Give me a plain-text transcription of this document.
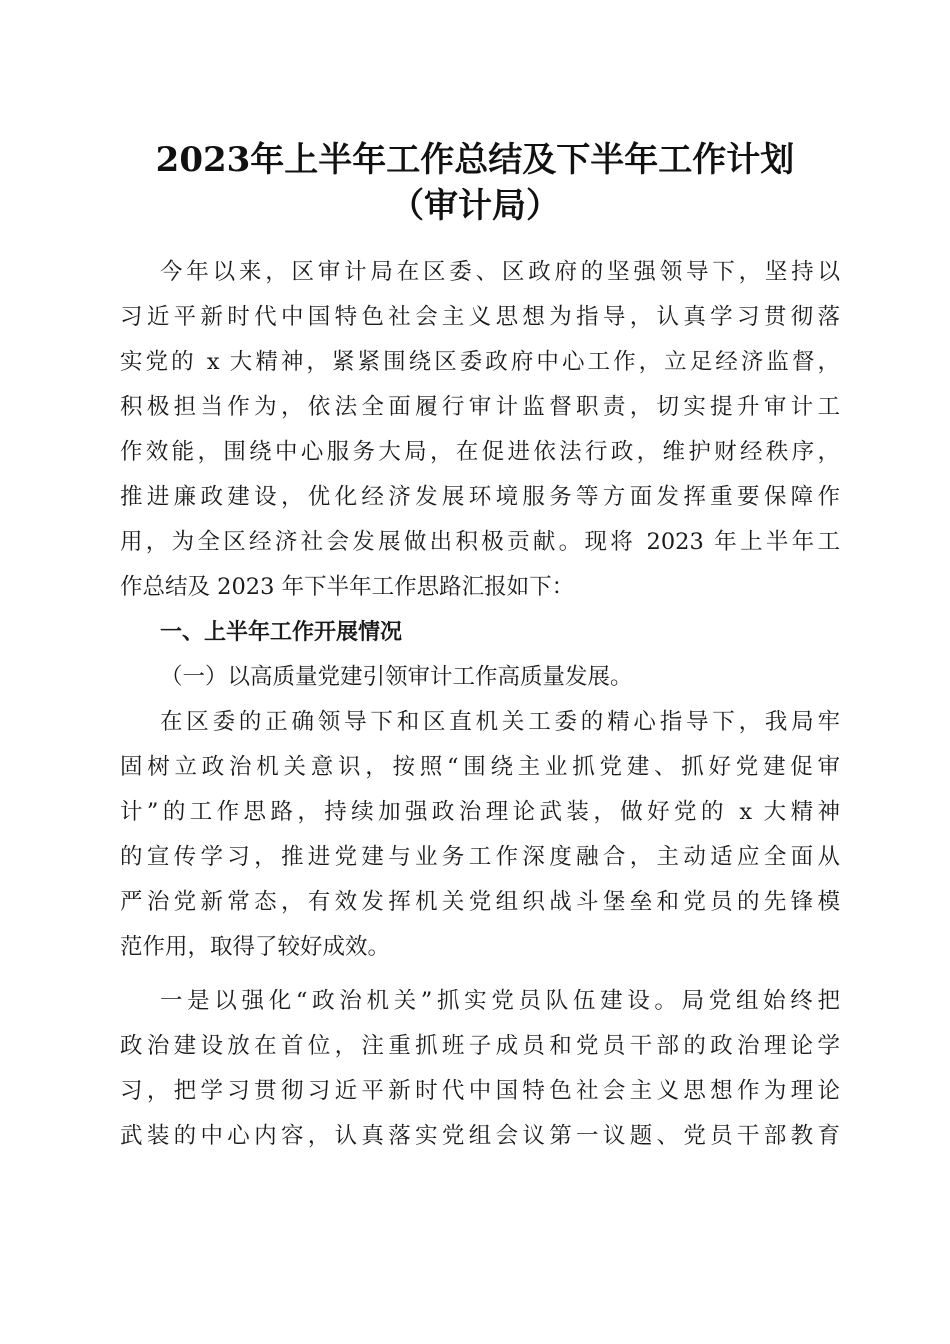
2023年上半年工作总结及下半年工作计划
（审计局）
今年以来，区审计局在区委、区政府的坚强领导下，坚持以
习近平新时代中国特色社会主义思想为指导，认真学习贯彻落
实党的 x 大精神，紧紧围绕区委政府中心工作，立足经济监督，
积极担当作为，依法全面履行审计监督职责，切实提升审计工
作效能，围绕中心服务大局，在促进依法行政，维护财经秩序，
推进廉政建设，优化经济发展环境服务等方面发挥重要保障作
用，为全区经济社会发展做出积极贡献。现将 2023 年上半年工
作总结及 2023 年下半年工作思路汇报如下：
一、上半年工作开展情况
（一）以高质量党建引领审计工作高质量发展。
在区委的正确领导下和区直机关工委的精心指导下，我局牢
固树立政治机关意识，按照“围绕主业抓党建、抓好党建促审
计”的工作思路，持续加强政治理论武装，做好党的 x 大精神
的宣传学习，推进党建与业务工作深度融合，主动适应全面从
严治党新常态，有效发挥机关党组织战斗堡垒和党员的先锋模
范作用，取得了较好成效。
一是以强化“政治机关”抓实党员队伍建设。局党组始终把
政治建设放在首位，注重抓班子成员和党员干部的政治理论学
习，把学习贯彻习近平新时代中国特色社会主义思想作为理论
武装的中心内容，认真落实党组会议第一议题、党员干部教育
